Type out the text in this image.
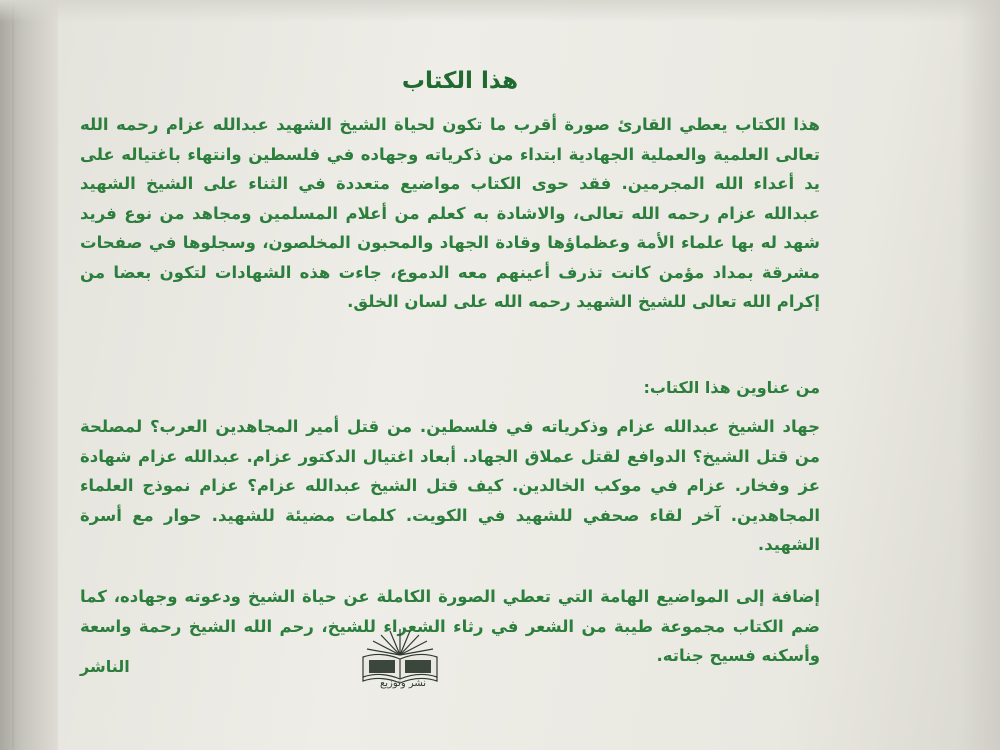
هذا الكتاب
هذا الكتاب يعطي القارئ صورة أقرب ما تكون لحياة الشيخ الشهيد عبدالله عزام رحمه الله تعالى العلمية والعملية الجهادية ابتداء من ذكرياته وجهاده في فلسطين وانتهاء باغتياله على يد أعداء الله المجرمين. فقد حوى الكتاب مواضيع متعددة في الثناء على الشيخ الشهيد عبدالله عزام رحمه الله تعالى، والاشادة به كعلم من أعلام المسلمين ومجاهد من نوع فريد شهد له بها علماء الأمة وعظماؤها وقادة الجهاد والمحبون المخلصون، وسجلوها في صفحات مشرقة بمداد مؤمن كانت تذرف أعينهم معه الدموع، جاءت هذه الشهادات لتكون بعضا من إكرام الله تعالى للشيخ الشهيد رحمه الله على لسان الخلق.
من عناوين هذا الكتاب:
جهاد الشيخ عبدالله عزام وذكرياته في فلسطين. من قتل أمير المجاهدين العرب؟ لمصلحة من قتل الشيخ؟ الدوافع لقتل عملاق الجهاد. أبعاد اغتيال الدكتور عزام. عبدالله عزام شهادة عز وفخار. عزام في موكب الخالدين. كيف قتل الشيخ عبدالله عزام؟ عزام نموذج العلماء المجاهدين. آخر لقاء صحفي للشهيد في الكويت. كلمات مضيئة للشهيد. حوار مع أسرة الشهيد.
إضافة إلى المواضيع الهامة التي تعطي الصورة الكاملة عن حياة الشيخ ودعوته وجهاده، كما ضم الكتاب مجموعة طيبة من الشعر في رثاء الشعراء للشيخ، رحم الله الشيخ رحمة واسعة وأسكنه فسيح جناته.
الناشر
نشر وتوزيع
